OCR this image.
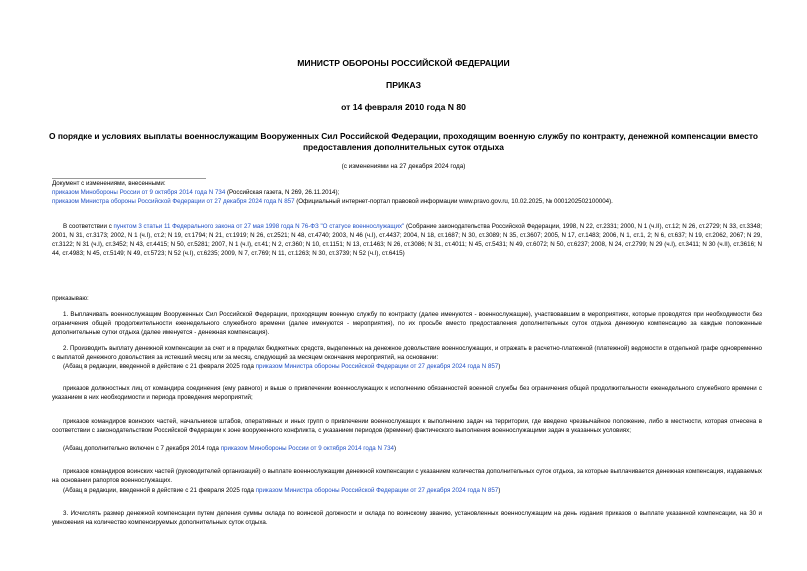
МИНИСТР ОБОРОНЫ РОССИЙСКОЙ ФЕДЕРАЦИИ
ПРИКАЗ
от 14 февраля 2010 года N 80
О порядке и условиях выплаты военнослужащим Вооруженных Сил Российской Федерации, проходящим военную службу по контракту, денежной компенсации вместо предоставления дополнительных суток отдыха
(с изменениями на 27 декабря 2024 года)

Документ с изменениями, внесенными:

приказом Минобороны России от 9 октября 2014 года N 734 (Российская газета, N 269, 26.11.2014);

приказом Министра обороны Российской Федерации от 27 декабря 2024 года N 857 (Официальный интернет-портал правовой информации www.pravo.gov.ru, 10.02.2025, № 0001202502100004).

В соответствии с пунктом 3 статьи 11 Федерального закона от 27 мая 1998 года N 76-ФЗ "О статусе военнослужащих" (Собрание законодательства Российской Федерации, 1998, N 22, ст.2331; 2000, N 1 (ч.II), ст.12; N 26, ст.2729; N 33, ст.3348; 2001, N 31, ст.3173; 2002, N 1 (ч.I), ст.2; N 19, ст.1794; N 21, ст.1919; N 26, ст.2521; N 48, ст.4740; 2003, N 46 (ч.I), ст.4437; 2004, N 18, ст.1687; N 30, ст.3089; N 35, ст.3607; 2005, N 17, ст.1483; 2006, N 1, ст.1, 2; N 6, ст.637; N 19, ст.2062, 2067; N 29, ст.3122; N 31 (ч.I), ст.3452; N 43, ст.4415; N 50, ст.5281; 2007, N 1 (ч.I), ст.41; N 2, ст.360; N 10, ст.1151; N 13, ст.1463; N 26, ст.3086; N 31, ст.4011; N 45, ст.5431; N 49, ст.6072; N 50, ст.6237; 2008, N 24, ст.2799; N 29 (ч.I), ст.3411; N 30 (ч.II), ст.3616; N 44, ст.4983; N 45, ст.5149; N 49, ст.5723; N 52 (ч.I), ст.6235; 2009, N 7, ст.769; N 11, ст.1263; N 30, ст.3739; N 52 (ч.I), ст.6415)
приказываю:
1. Выплачивать военнослужащим Вооруженных Сил Российской Федерации, проходящим военную службу по контракту (далее именуются - военнослужащие), участвовавшим в мероприятиях, которые проводятся при необходимости без ограничения общей продолжительности еженедельного служебного времени (далее именуются - мероприятия), по их просьбе вместо предоставления дополнительных суток отдыха денежную компенсацию за каждые положенные дополнительные сутки отдыха (далее именуется - денежная компенсация).
2. Производить выплату денежной компенсации за счет и в пределах бюджетных средств, выделенных на денежное довольствие военнослужащих, и отражать в расчетно-платежной (платежной) ведомости в отдельной графе одновременно с выплатой денежного довольствия за истекший месяц или за месяц, следующий за месяцем окончания мероприятий, на основании:
(Абзац в редакции, введенной в действие с 21 февраля 2025 года приказом Министра обороны Российской Федерации от 27 декабря 2024 года N 857)
приказов должностных лиц от командира соединения (ему равного) и выше о привлечении военнослужащих к исполнению обязанностей военной службы без ограничения общей продолжительности еженедельного служебного времени с указанием в них необходимости и периода проведения мероприятий;
приказов командиров воинских частей, начальников штабов, оперативных и иных групп о привлечении военнослужащих к выполнению задач на территории, где введено чрезвычайное положение, либо в местности, которая отнесена в соответствии с законодательством Российской Федерации к зоне вооруженного конфликта, с указанием периодов (времени) фактического выполнения военнослужащими задач в указанных условиях;
(Абзац дополнительно включен с 7 декабря 2014 года приказом Минобороны России от 9 октября 2014 года N 734)
приказов командиров воинских частей (руководителей организаций) о выплате военнослужащим денежной компенсации с указанием количества дополнительных суток отдыха, за которые выплачивается денежная компенсация, издаваемых на основании рапортов военнослужащих.
(Абзац в редакции, введенной в действие с 21 февраля 2025 года приказом Министра обороны Российской Федерации от 27 декабря 2024 года N 857)
3. Исчислять размер денежной компенсации путем деления суммы оклада по воинской должности и оклада по воинскому званию, установленных военнослужащим на день издания приказов о выплате указанной компенсации, на 30 и умножения на количество компенсируемых дополнительных суток отдыха.
